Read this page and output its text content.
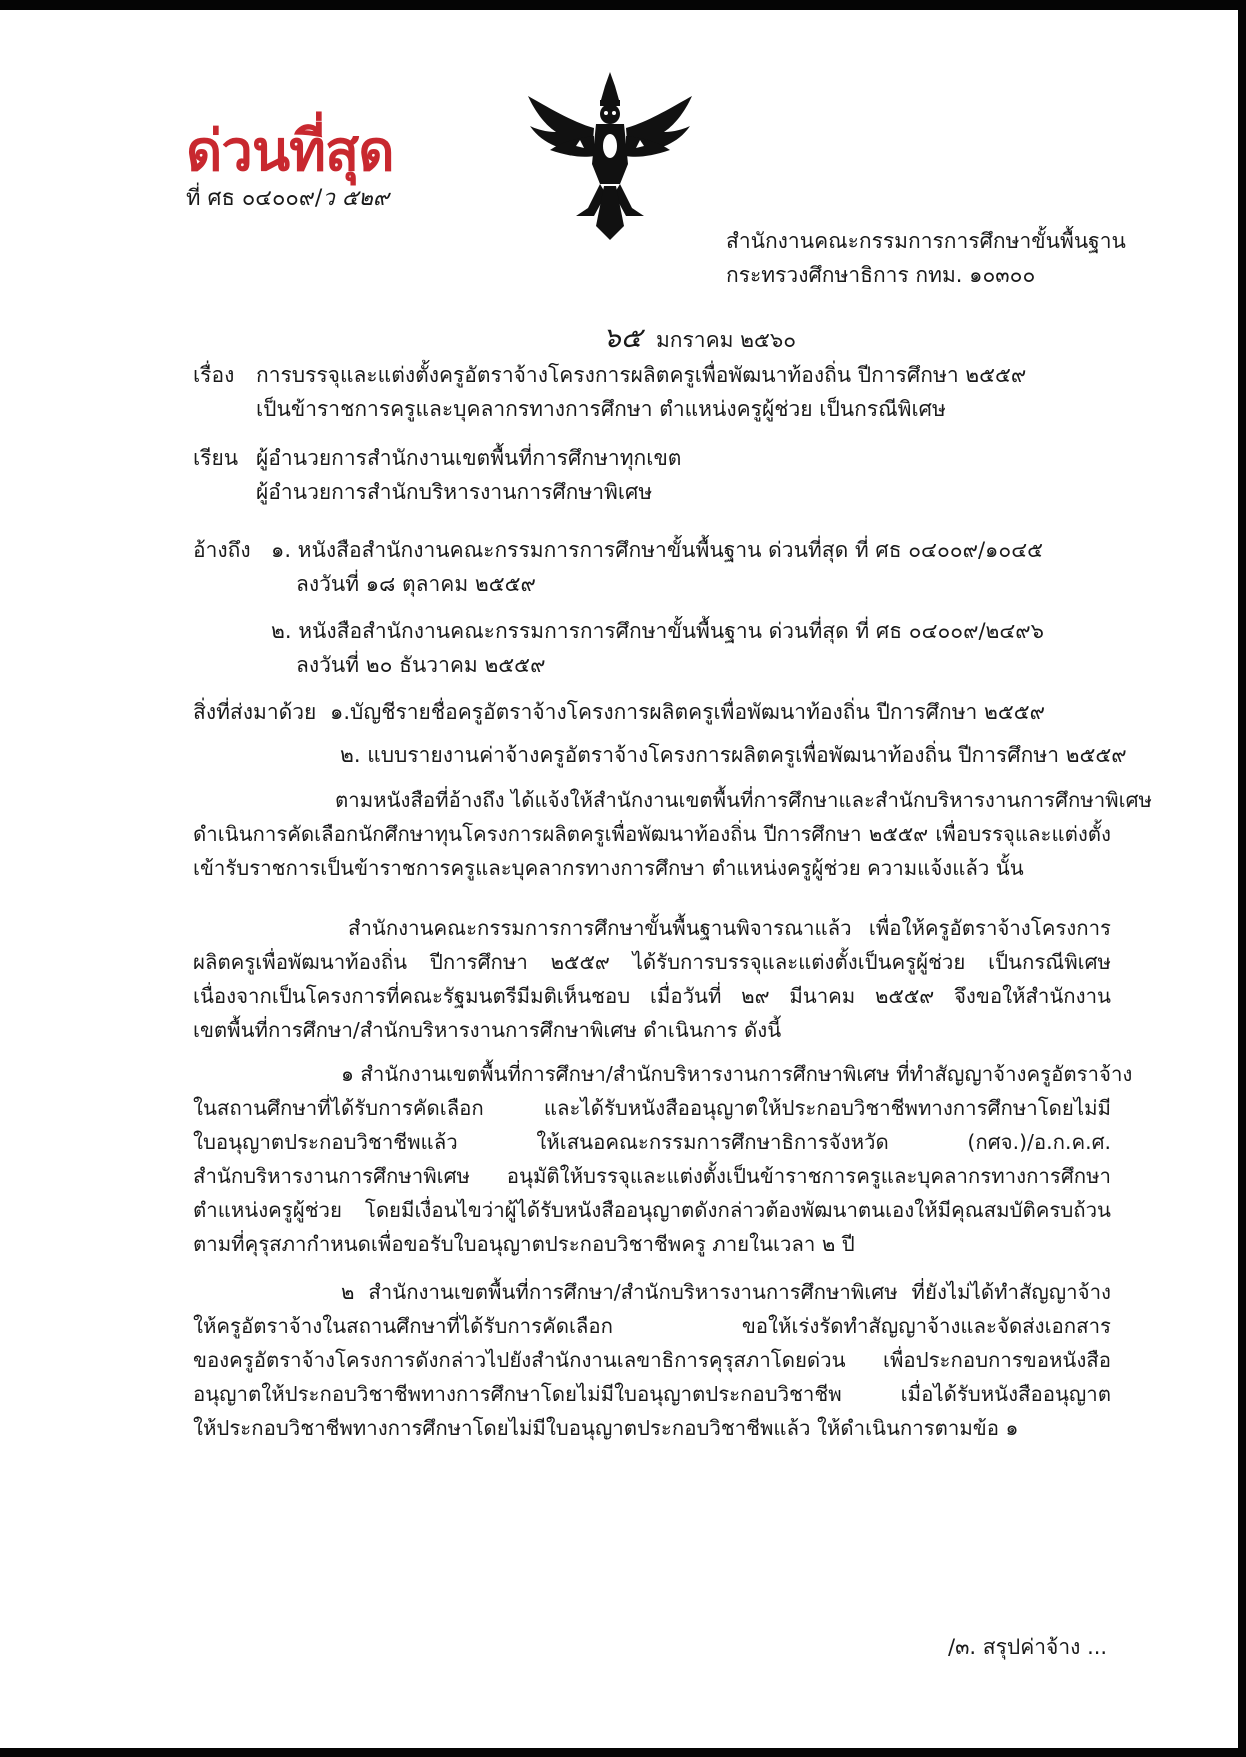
ด่วนที่สุด
ที่ ศธ ๐๔๐๐๙/ว ๕๒๙
สำนักงานคณะกรรมการการศึกษาขั้นพื้นฐาน
กระทรวงศึกษาธิการ กทม. ๑๐๓๐๐
๖๕ มกราคม ๒๕๖๐
เรื่อง การบรรจุและแต่งตั้งครูอัตราจ้างโครงการผลิตครูเพื่อพัฒนาท้องถิ่น ปีการศึกษา ๒๕๕๙
เป็นข้าราชการครูและบุคลากรทางการศึกษา ตำแหน่งครูผู้ช่วย เป็นกรณีพิเศษ
เรียน ผู้อำนวยการสำนักงานเขตพื้นที่การศึกษาทุกเขต
ผู้อำนวยการสำนักบริหารงานการศึกษาพิเศษ
อ้างถึง ๑. หนังสือสำนักงานคณะกรรมการการศึกษาขั้นพื้นฐาน ด่วนที่สุด ที่ ศธ ๐๔๐๐๙/๑๐๔๕
ลงวันที่ ๑๘ ตุลาคม ๒๕๕๙
๒. หนังสือสำนักงานคณะกรรมการการศึกษาขั้นพื้นฐาน ด่วนที่สุด ที่ ศธ ๐๔๐๐๙/๒๔๙๖
ลงวันที่ ๒๐ ธันวาคม ๒๕๕๙
สิ่งที่ส่งมาด้วย ๑.บัญชีรายชื่อครูอัตราจ้างโครงการผลิตครูเพื่อพัฒนาท้องถิ่น ปีการศึกษา ๒๕๕๙
๒. แบบรายงานค่าจ้างครูอัตราจ้างโครงการผลิตครูเพื่อพัฒนาท้องถิ่น ปีการศึกษา ๒๕๕๙
ตามหนังสือที่อ้างถึง ได้แจ้งให้สำนักงานเขตพื้นที่การศึกษาและสำนักบริหารงานการศึกษาพิเศษ
ดำเนินการคัดเลือกนักศึกษาทุนโครงการผลิตครูเพื่อพัฒนาท้องถิ่น ปีการศึกษา ๒๕๕๙ เพื่อบรรจุและแต่งตั้ง
เข้ารับราชการเป็นข้าราชการครูและบุคลากรทางการศึกษา ตำแหน่งครูผู้ช่วย ความแจ้งแล้ว นั้น
สำนักงานคณะกรรมการการศึกษาขั้นพื้นฐานพิจารณาแล้ว เพื่อให้ครูอัตราจ้างโครงการ
ผลิตครูเพื่อพัฒนาท้องถิ่น ปีการศึกษา ๒๕๕๙ ได้รับการบรรจุและแต่งตั้งเป็นครูผู้ช่วย เป็นกรณีพิเศษ
เนื่องจากเป็นโครงการที่คณะรัฐมนตรีมีมติเห็นชอบ เมื่อวันที่ ๒๙ มีนาคม ๒๕๕๙ จึงขอให้สำนักงาน
เขตพื้นที่การศึกษา/สำนักบริหารงานการศึกษาพิเศษ ดำเนินการ ดังนี้
๑ สำนักงานเขตพื้นที่การศึกษา/สำนักบริหารงานการศึกษาพิเศษ ที่ทำสัญญาจ้างครูอัตราจ้าง
ในสถานศึกษาที่ได้รับการคัดเลือก และได้รับหนังสืออนุญาตให้ประกอบวิชาชีพทางการศึกษาโดยไม่มี
ใบอนุญาตประกอบวิชาชีพแล้ว ให้เสนอคณะกรรมการศึกษาธิการจังหวัด (กศจ.)/อ.ก.ค.ศ.
สำนักบริหารงานการศึกษาพิเศษ อนุมัติให้บรรจุและแต่งตั้งเป็นข้าราชการครูและบุคลากรทางการศึกษา
ตำแหน่งครูผู้ช่วย โดยมีเงื่อนไขว่าผู้ได้รับหนังสืออนุญาตดังกล่าวต้องพัฒนาตนเองให้มีคุณสมบัติครบถ้วน
ตามที่คุรุสภากำหนดเพื่อขอรับใบอนุญาตประกอบวิชาชีพครู ภายในเวลา ๒ ปี
๒ สำนักงานเขตพื้นที่การศึกษา/สำนักบริหารงานการศึกษาพิเศษ ที่ยังไม่ได้ทำสัญญาจ้าง
ให้ครูอัตราจ้างในสถานศึกษาที่ได้รับการคัดเลือก ขอให้เร่งรัดทำสัญญาจ้างและจัดส่งเอกสาร
ของครูอัตราจ้างโครงการดังกล่าวไปยังสำนักงานเลขาธิการคุรุสภาโดยด่วน เพื่อประกอบการขอหนังสือ
อนุญาตให้ประกอบวิชาชีพทางการศึกษาโดยไม่มีใบอนุญาตประกอบวิชาชีพ เมื่อได้รับหนังสืออนุญาต
ให้ประกอบวิชาชีพทางการศึกษาโดยไม่มีใบอนุญาตประกอบวิชาชีพแล้ว ให้ดำเนินการตามข้อ ๑
/๓. สรุปค่าจ้าง ...
